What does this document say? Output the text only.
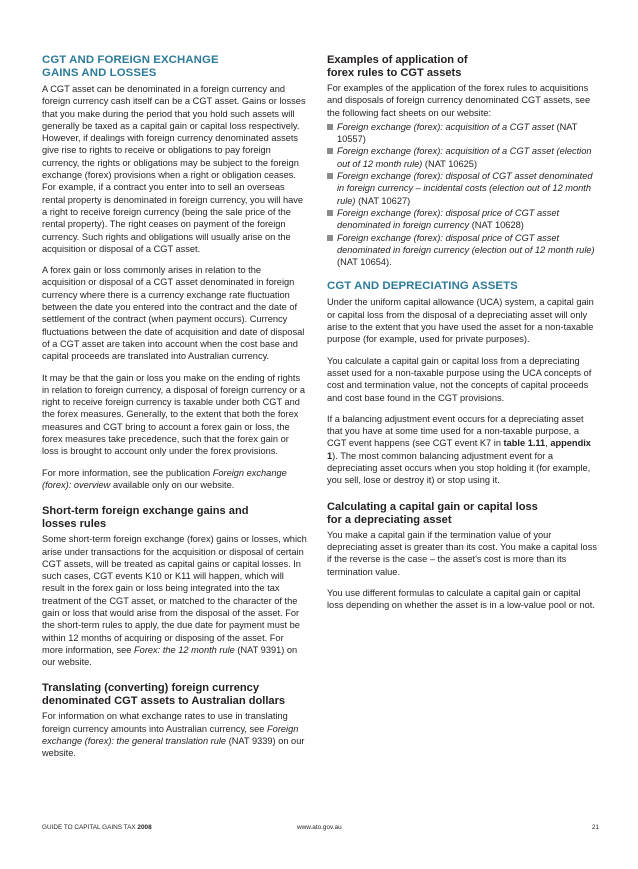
CGT AND FOREIGN EXCHANGE
GAINS AND LOSSES

A CGT asset can be denominated in a foreign currency and foreign currency cash itself can be a CGT asset. Gains or losses that you make during the period that you hold such assets will generally be taxed as a capital gain or capital loss respectively. However, if dealings with foreign currency denominated assets give rise to rights to receive or obligations to pay foreign currency, the rights or obligations may be subject to the foreign exchange (forex) provisions when a right or obligation ceases. For example, if a contract you enter into to sell an overseas rental property is denominated in foreign currency, you will have a right to receive foreign currency (being the sale price of the rental property). The right ceases on payment of the foreign currency. Such rights and obligations will usually arise on the acquisition or disposal of a CGT asset.

A forex gain or loss commonly arises in relation to the acquisition or disposal of a CGT asset denominated in foreign currency where there is a currency exchange rate fluctuation between the date you entered into the contract and the date of settlement of the contract (when payment occurs). Currency fluctuations between the date of acquisition and date of disposal of a CGT asset are taken into account when the cost base and capital proceeds are translated into Australian currency.

It may be that the gain or loss you make on the ending of rights in relation to foreign currency, a disposal of foreign currency or a right to receive foreign currency is taxable under both CGT and the forex measures. Generally, to the extent that both the forex measures and CGT bring to account a forex gain or loss, the forex measures take precedence, such that the forex gain or loss is brought to account only under the forex provisions.

For more information, see the publication Foreign exchange (forex): overview available only on our website.

Short-term foreign exchange gains and
losses rules

Some short-term foreign exchange (forex) gains or losses, which arise under transactions for the acquisition or disposal of certain CGT assets, will be treated as capital gains or capital losses. In such cases, CGT events K10 or K11 will happen, which will result in the forex gain or loss being integrated into the tax treatment of the CGT asset, or matched to the character of the gain or loss that would arise from the disposal of the asset. For the short-term rules to apply, the due date for payment must be within 12 months of acquiring or disposing of the asset. For more information, see Forex: the 12 month rule (NAT 9391) on our website.

Translating (converting) foreign currency
denominated CGT assets to Australian dollars

For information on what exchange rates to use in translating foreign currency amounts into Australian currency, see Foreign exchange (forex): the general translation rule (NAT 9339) on our website.

Examples of application of
forex rules to CGT assets

For examples of the application of the forex rules to acquisitions and disposals of foreign currency denominated CGT assets, see the following fact sheets on our website:

Foreign exchange (forex): acquisition of a CGT asset (NAT 10557)
Foreign exchange (forex): acquisition of a CGT asset (election out of 12 month rule) (NAT 10625)
Foreign exchange (forex): disposal of CGT asset denominated in foreign currency – incidental costs (election out of 12 month rule) (NAT 10627)
Foreign exchange (forex): disposal price of CGT asset denominated in foreign currency (NAT 10628)
Foreign exchange (forex): disposal price of CGT asset denominated in foreign currency (election out of 12 month rule) (NAT 10654).
CGT AND DEPRECIATING ASSETS

Under the uniform capital allowance (UCA) system, a capital gain or capital loss from the disposal of a depreciating asset will only arise to the extent that you have used the asset for a non-taxable purpose (for example, used for private purposes).

You calculate a capital gain or capital loss from a depreciating asset used for a non-taxable purpose using the UCA concepts of cost and termination value, not the concepts of capital proceeds and cost base found in the CGT provisions.

If a balancing adjustment event occurs for a depreciating asset that you have at some time used for a non-taxable purpose, a CGT event happens (see CGT event K7 in table 1.11, appendix 1). The most common balancing adjustment event for a depreciating asset occurs when you stop holding it (for example, you sell, lose or destroy it) or stop using it.

Calculating a capital gain or capital loss
for a depreciating asset

You make a capital gain if the termination value of your depreciating asset is greater than its cost. You make a capital loss if the reverse is the case – the asset's cost is more than its termination value.

You use different formulas to calculate a capital gain or capital loss depending on whether the asset is in a low-value pool or not.

GUIDE TO CAPITAL GAINS TAX 2008	www.ato.gov.au	21
